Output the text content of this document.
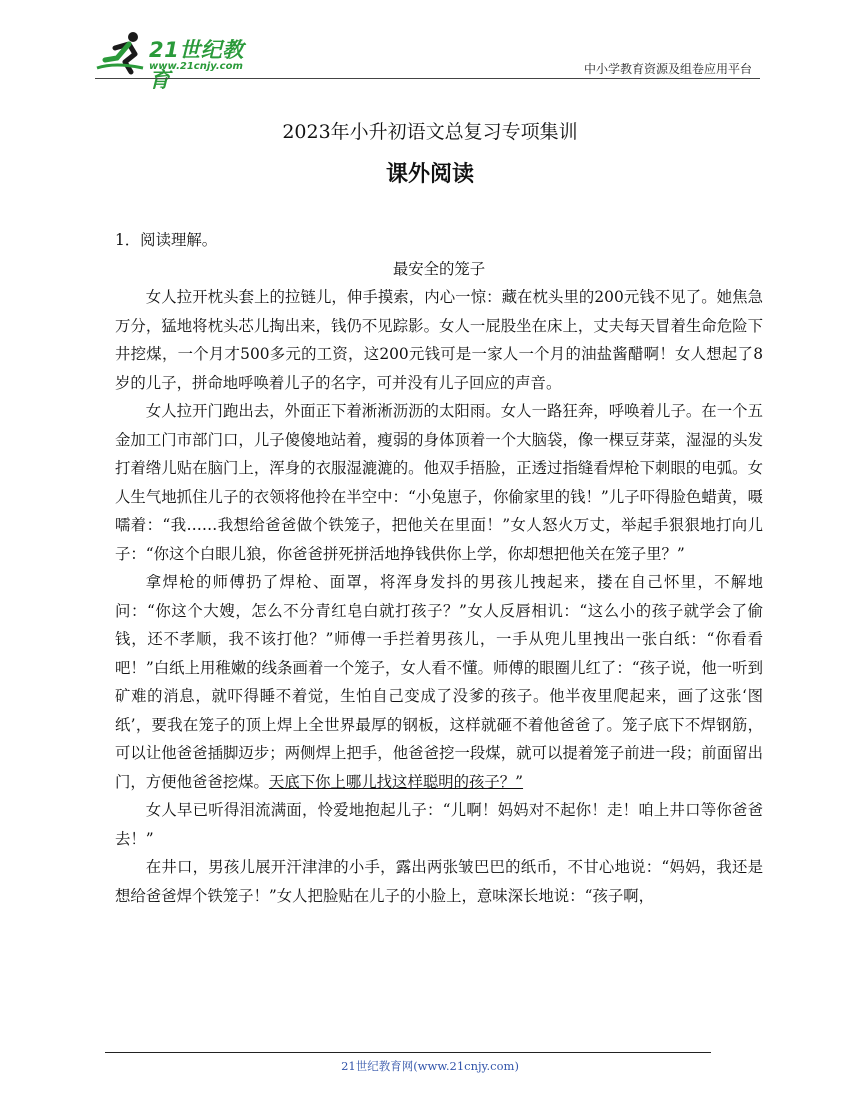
21世纪教育
www.21cnjy.com	中小学教育资源及组卷应用平台
2023年小升初语文总复习专项集训
课外阅读

1．阅读理解。

最安全的笼子

女人拉开枕头套上的拉链儿，伸手摸索，内心一惊：藏在枕头里的200元钱不见了。她焦急万分，猛地将枕头芯儿掏出来，钱仍不见踪影。女人一屁股坐在床上，丈夫每天冒着生命危险下井挖煤，一个月才500多元的工资，这200元钱可是一家人一个月的油盐酱醋啊！女人想起了8岁的儿子，拼命地呼唤着儿子的名字，可并没有儿子回应的声音。

女人拉开门跑出去，外面正下着淅淅沥沥的太阳雨。女人一路狂奔，呼唤着儿子。在一个五金加工门市部门口，儿子傻傻地站着，瘦弱的身体顶着一个大脑袋，像一棵豆芽菜，湿湿的头发打着绺儿贴在脑门上，浑身的衣服湿漉漉的。他双手捂脸，正透过指缝看焊枪下刺眼的电弧。女人生气地抓住儿子的衣领将他拎在半空中：“小兔崽子，你偷家里的钱！”儿子吓得脸色蜡黄，嗫嚅着：“我……我想给爸爸做个铁笼子，把他关在里面！”女人怒火万丈，举起手狠狠地打向儿子：“你这个白眼儿狼，你爸爸拼死拼活地挣钱供你上学，你却想把他关在笼子里？”

拿焊枪的师傅扔了焊枪、面罩，将浑身发抖的男孩儿拽起来，搂在自己怀里，不解地问：“你这个大嫂，怎么不分青红皂白就打孩子？”女人反唇相讥：“这么小的孩子就学会了偷钱，还不孝顺，我不该打他？”师傅一手拦着男孩儿，一手从兜儿里拽出一张白纸：“你看看吧！”白纸上用稚嫩的线条画着一个笼子，女人看不懂。师傅的眼圈儿红了：“孩子说，他一听到矿难的消息，就吓得睡不着觉，生怕自己变成了没爹的孩子。他半夜里爬起来，画了这张‘图纸’，要我在笼子的顶上焊上全世界最厚的钢板，这样就砸不着他爸爸了。笼子底下不焊钢筋，可以让他爸爸插脚迈步；两侧焊上把手，他爸爸挖一段煤，就可以提着笼子前进一段；前面留出门，方便他爸爸挖煤。天底下你上哪儿找这样聪明的孩子？”

女人早已听得泪流满面，怜爱地抱起儿子：“儿啊！妈妈对不起你！走！咱上井口等你爸爸去！”

在井口，男孩儿展开汗津津的小手，露出两张皱巴巴的纸币，不甘心地说：“妈妈，我还是想给爸爸焊个铁笼子！”女人把脸贴在儿子的小脸上，意味深长地说：“孩子啊，

21世纪教育网(www.21cnjy.com)
